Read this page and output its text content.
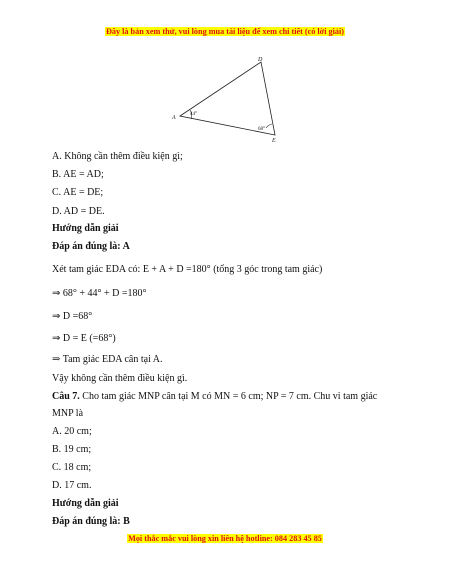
Đây là bản xem thử, vui lòng mua tài liệu để xem chi tiết (có lời giải)
A
D
E
44°
68°
A. Không cần thêm điều kiện gì;
B. AE = AD;
C. AE = DE;
D. AD = DE.
Hướng dẫn giải
Đáp án đúng là: A
Xét tam giác EDA có: E + A + D =180° (tổng 3 góc trong tam giác)
⇒ 68° + 44° + D =180°
⇒ D =68°
⇒ D = E (=68°)
⇒ Tam giác EDA cân tại A.
Vậy không cần thêm điều kiện gì.
Câu 7. Cho tam giác MNP cân tại M có MN = 6 cm; NP = 7 cm. Chu vi tam giác
MNP là
A. 20 cm;
B. 19 cm;
C. 18 cm;
D. 17 cm.
Hướng dẫn giải
Đáp án đúng là: B
Mọi thắc mắc vui lòng xin liên hệ hotline: 084 283 45 85
